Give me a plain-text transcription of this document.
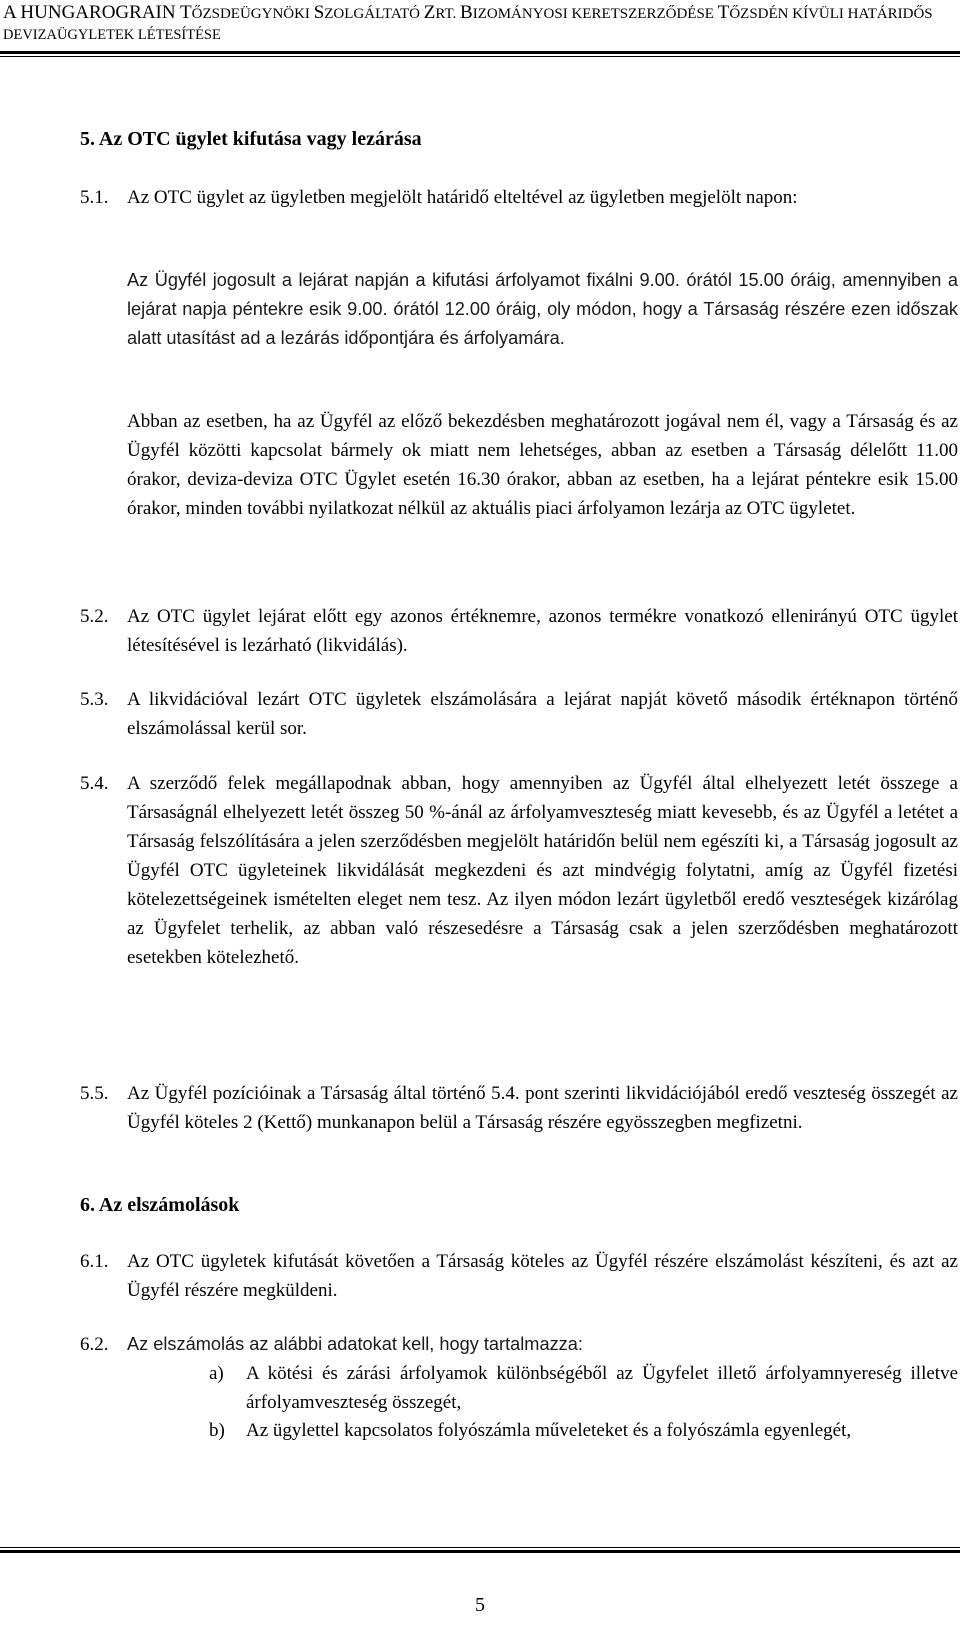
A HUNGAROGRAIN TŐZSDEÜGYNÖKI SZOLGÁLTATÓ ZRT. BIZOMÁNYOSI KERETSZERZŐDÉSE TŐZSDÉN KÍVÜLI HATÁRIDŐS
DEVIZAÜGYLETEK LÉTESÍTÉSE
5. Az OTC ügylet kifutása vagy lezárása
5.1. Az OTC ügylet az ügyletben megjelölt határidő elteltével az ügyletben megjelölt napon:
Az Ügyfél jogosult a lejárat napján a kifutási árfolyamot fixálni 9.00. órától 15.00 óráig, amennyiben a lejárat napja péntekre esik 9.00. órától 12.00 óráig, oly módon, hogy a Társaság részére ezen időszak alatt utasítást ad a lezárás időpontjára és árfolyamára.
Abban az esetben, ha az Ügyfél az előző bekezdésben meghatározott jogával nem él, vagy a Társaság és az Ügyfél közötti kapcsolat bármely ok miatt nem lehetséges, abban az esetben a Társaság délelőtt 11.00 órakor, deviza-deviza OTC Ügylet esetén 16.30 órakor, abban az esetben, ha a lejárat péntekre esik 15.00 órakor, minden további nyilatkozat nélkül az aktuális piaci árfolyamon lezárja az OTC ügyletet.
5.2. Az OTC ügylet lejárat előtt egy azonos értéknemre, azonos termékre vonatkozó ellenirányú OTC ügylet létesítésével is lezárható (likvidálás).
5.3. A likvidációval lezárt OTC ügyletek elszámolására a lejárat napját követő második értéknapon történő elszámolással kerül sor.
5.4. A szerződő felek megállapodnak abban, hogy amennyiben az Ügyfél által elhelyezett letét összege a Társaságnál elhelyezett letét összeg 50 %-ánál az árfolyamveszteség miatt kevesebb, és az Ügyfél a letétet a Társaság felszólítására a jelen szerződésben megjelölt határidőn belül nem egészíti ki, a Társaság jogosult az Ügyfél OTC ügyleteinek likvidálását megkezdeni és azt mindvégig folytatni, amíg az Ügyfél fizetési kötelezettségeinek ismételten eleget nem tesz. Az ilyen módon lezárt ügyletből eredő veszteségek kizárólag az Ügyfelet terhelik, az abban való részesedésre a Társaság csak a jelen szerződésben meghatározott esetekben kötelezhető.
5.5. Az Ügyfél pozícióinak a Társaság által történő 5.4. pont szerinti likvidációjából eredő veszteség összegét az Ügyfél köteles 2 (Kettő) munkanapon belül a Társaság részére egyösszegben megfizetni.
6. Az elszámolások
6.1. Az OTC ügyletek kifutását követően a Társaság köteles az Ügyfél részére elszámolást készíteni, és azt az Ügyfél részére megküldeni.
6.2. Az elszámolás az alábbi adatokat kell, hogy tartalmazza:
a) A kötési és zárási árfolyamok különbségéből az Ügyfelet illető árfolyamnyereség illetve árfolyamveszteség összegét,
b) Az ügylettel kapcsolatos folyószámla műveleteket és a folyószámla egyenlegét,
5
